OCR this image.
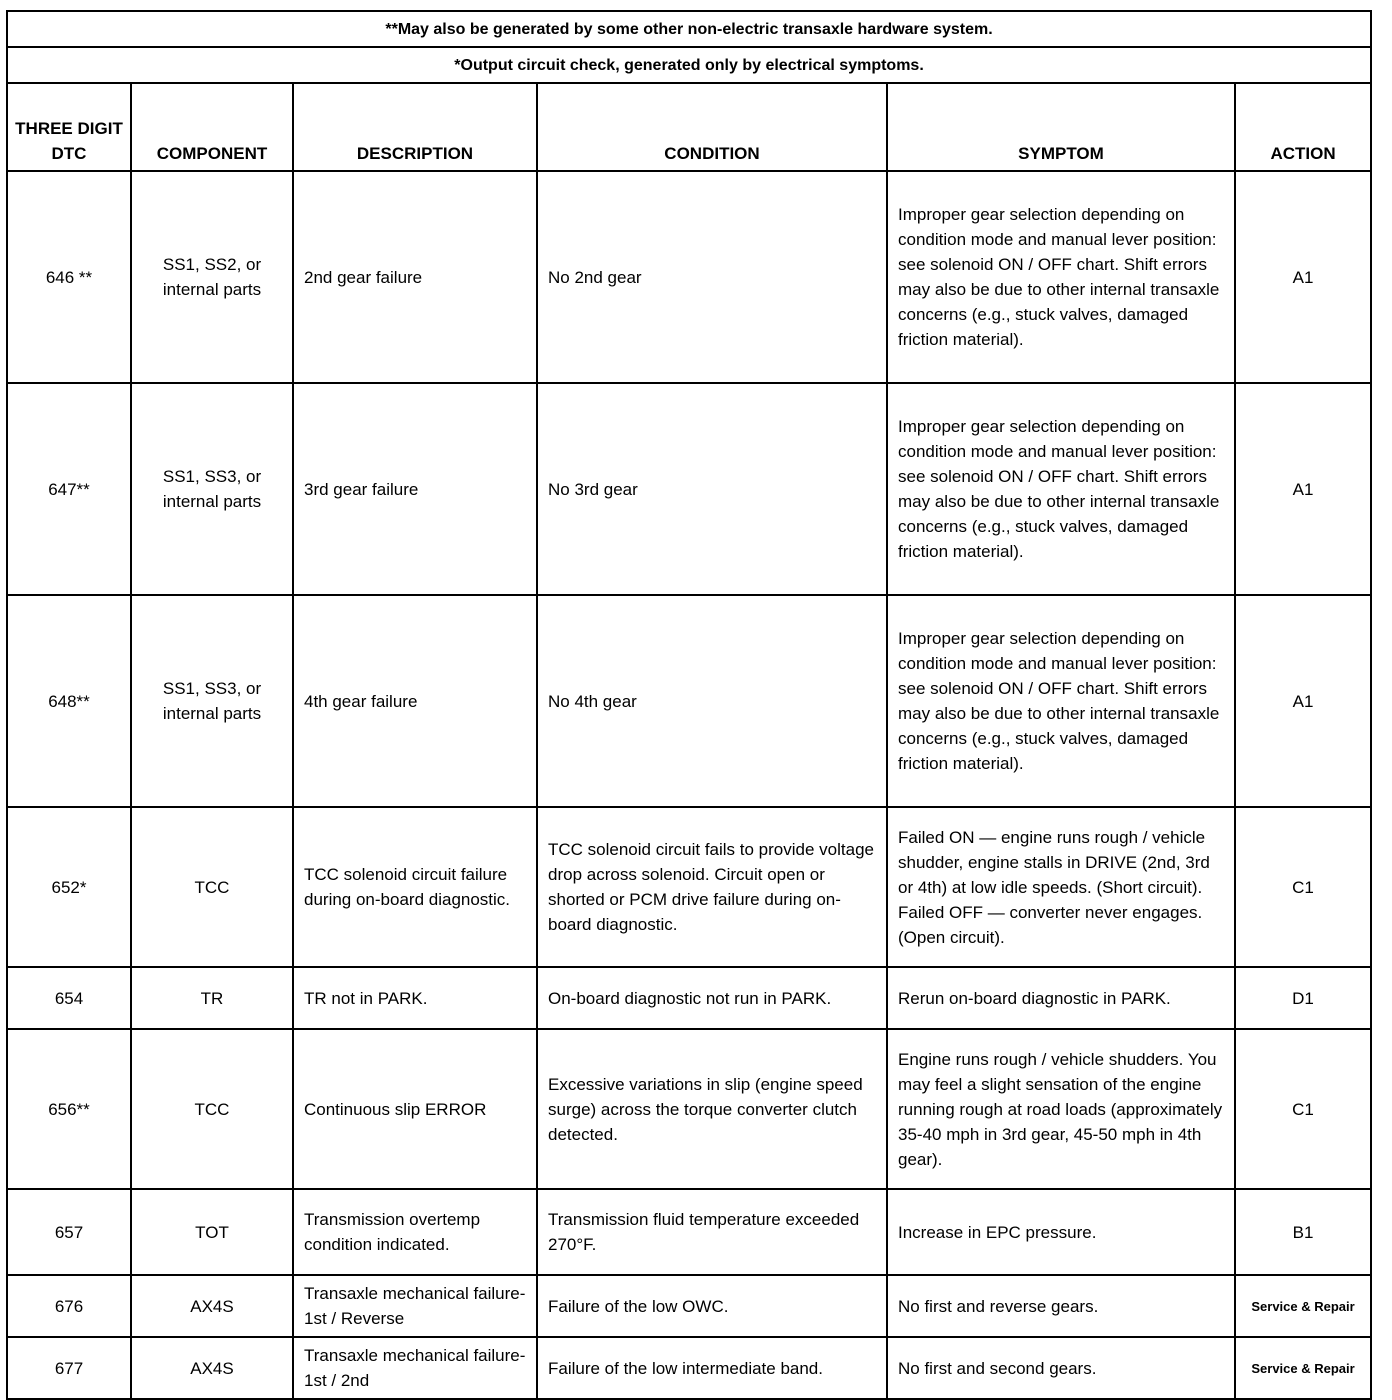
**May also be generated by some other non-electric transaxle hardware system.					
*Output circuit check, generated only by electrical symptoms.					
THREE DIGIT DTC	COMPONENT	DESCRIPTION	CONDITION	SYMPTOM	ACTION
646 **	SS1, SS2, or internal parts	2nd gear failure	No 2nd gear	Improper gear selection depending on condition mode and manual lever position: see solenoid ON / OFF chart. Shift errors may also be due to other internal transaxle concerns (e.g., stuck valves, damaged friction material).	A1
647**	SS1, SS3, or internal parts	3rd gear failure	No 3rd gear	Improper gear selection depending on condition mode and manual lever position: see solenoid ON / OFF chart. Shift errors may also be due to other internal transaxle concerns (e.g., stuck valves, damaged friction material).	A1
648**	SS1, SS3, or internal parts	4th gear failure	No 4th gear	Improper gear selection depending on condition mode and manual lever position: see solenoid ON / OFF chart. Shift errors may also be due to other internal transaxle concerns (e.g., stuck valves, damaged friction material).	A1
652*	TCC	TCC solenoid circuit failure during on-board diagnostic.	TCC solenoid circuit fails to provide voltage drop across solenoid. Circuit open or shorted or PCM drive failure during on-board diagnostic.	Failed ON — engine runs rough / vehicle shudder, engine stalls in DRIVE (2nd, 3rd or 4th) at low idle speeds. (Short circuit). Failed OFF — converter never engages. (Open circuit).	C1
654	TR	TR not in PARK.	On-board diagnostic not run in PARK.	Rerun on-board diagnostic in PARK.	D1
656**	TCC	Continuous slip ERROR	Excessive variations in slip (engine speed surge) across the torque converter clutch detected.	Engine runs rough / vehicle shudders. You may feel a slight sensation of the engine running rough at road loads (approximately 35-40 mph in 3rd gear, 45-50 mph in 4th gear).	C1
657	TOT	Transmission overtemp condition indicated.	Transmission fluid temperature exceeded 270°F.	Increase in EPC pressure.	B1
676	AX4S	Transaxle mechanical failure- 1st / Reverse	Failure of the low OWC.	No first and reverse gears.	Service & Repair
677	AX4S	Transaxle mechanical failure- 1st / 2nd	Failure of the low intermediate band.	No first and second gears.	Service & Repair
